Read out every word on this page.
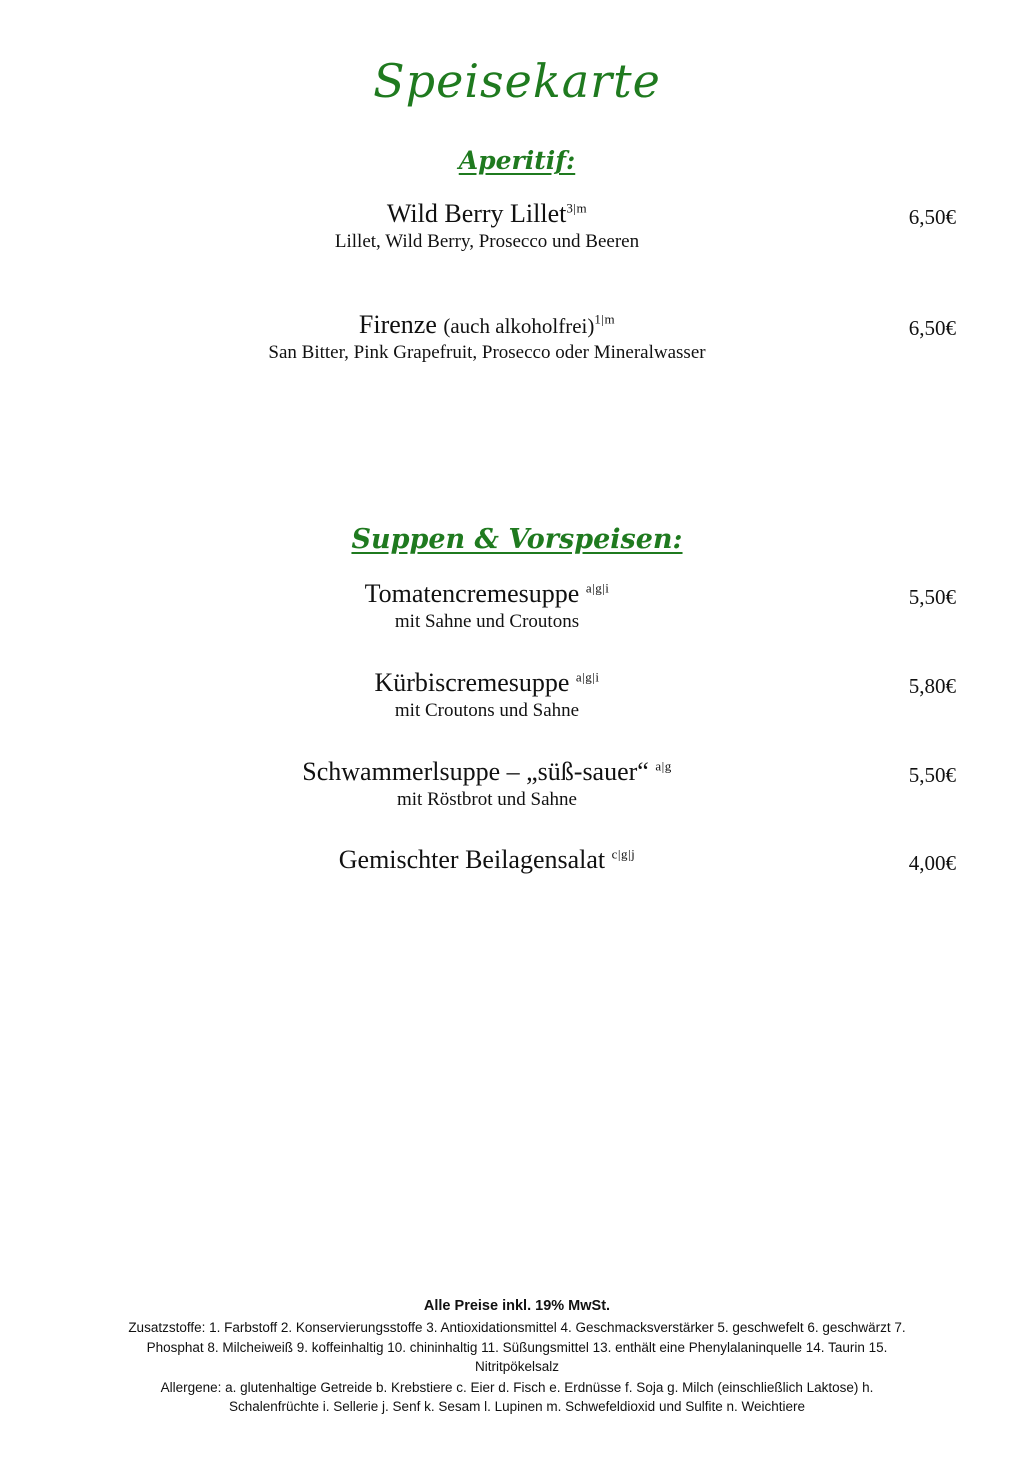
Speisekarte
Aperitif:
Wild Berry Lillet$^{3|m}$
Lillet, Wild Berry, Prosecco und Beeren
6,50€
Firenze (auch alkoholfrei)$^{1|m}$
San Bitter, Pink Grapefruit, Prosecco oder Mineralwasser
6,50€
Suppen & Vorspeisen:
Tomatencremesuppe $^{a|g|i}$
mit Sahne und Croutons
5,50€
Kürbiscremesuppe $^{a|g|i}$
mit Croutons und Sahne
5,80€
Schwammerlsuppe – „süß-sauer“ $^{a|g}$
mit Röstbrot und Sahne
5,50€
Gemischter Beilagensalat $^{c|g|j}$	4,00€

Alle Preise inkl. 19% MwSt.

Zusatzstoffe: 1. Farbstoff 2. Konservierungsstoffe 3. Antioxidationsmittel 4. Geschmacksverstärker 5. geschwefelt 6. geschwärzt 7. Phosphat 8. Milcheiweiß 9. koffeinhaltig 10. chininhaltig 11. Süßungsmittel 13. enthält eine Phenylalaninquelle 14. Taurin 15. Nitritpökelsalz

Allergene: a. glutenhaltige Getreide b. Krebstiere c. Eier d. Fisch e. Erdnüsse f. Soja g. Milch (einschließlich Laktose) h. Schalenfrüchte i. Sellerie j. Senf k. Sesam l. Lupinen m. Schwefeldioxid und Sulfite n. Weichtiere
